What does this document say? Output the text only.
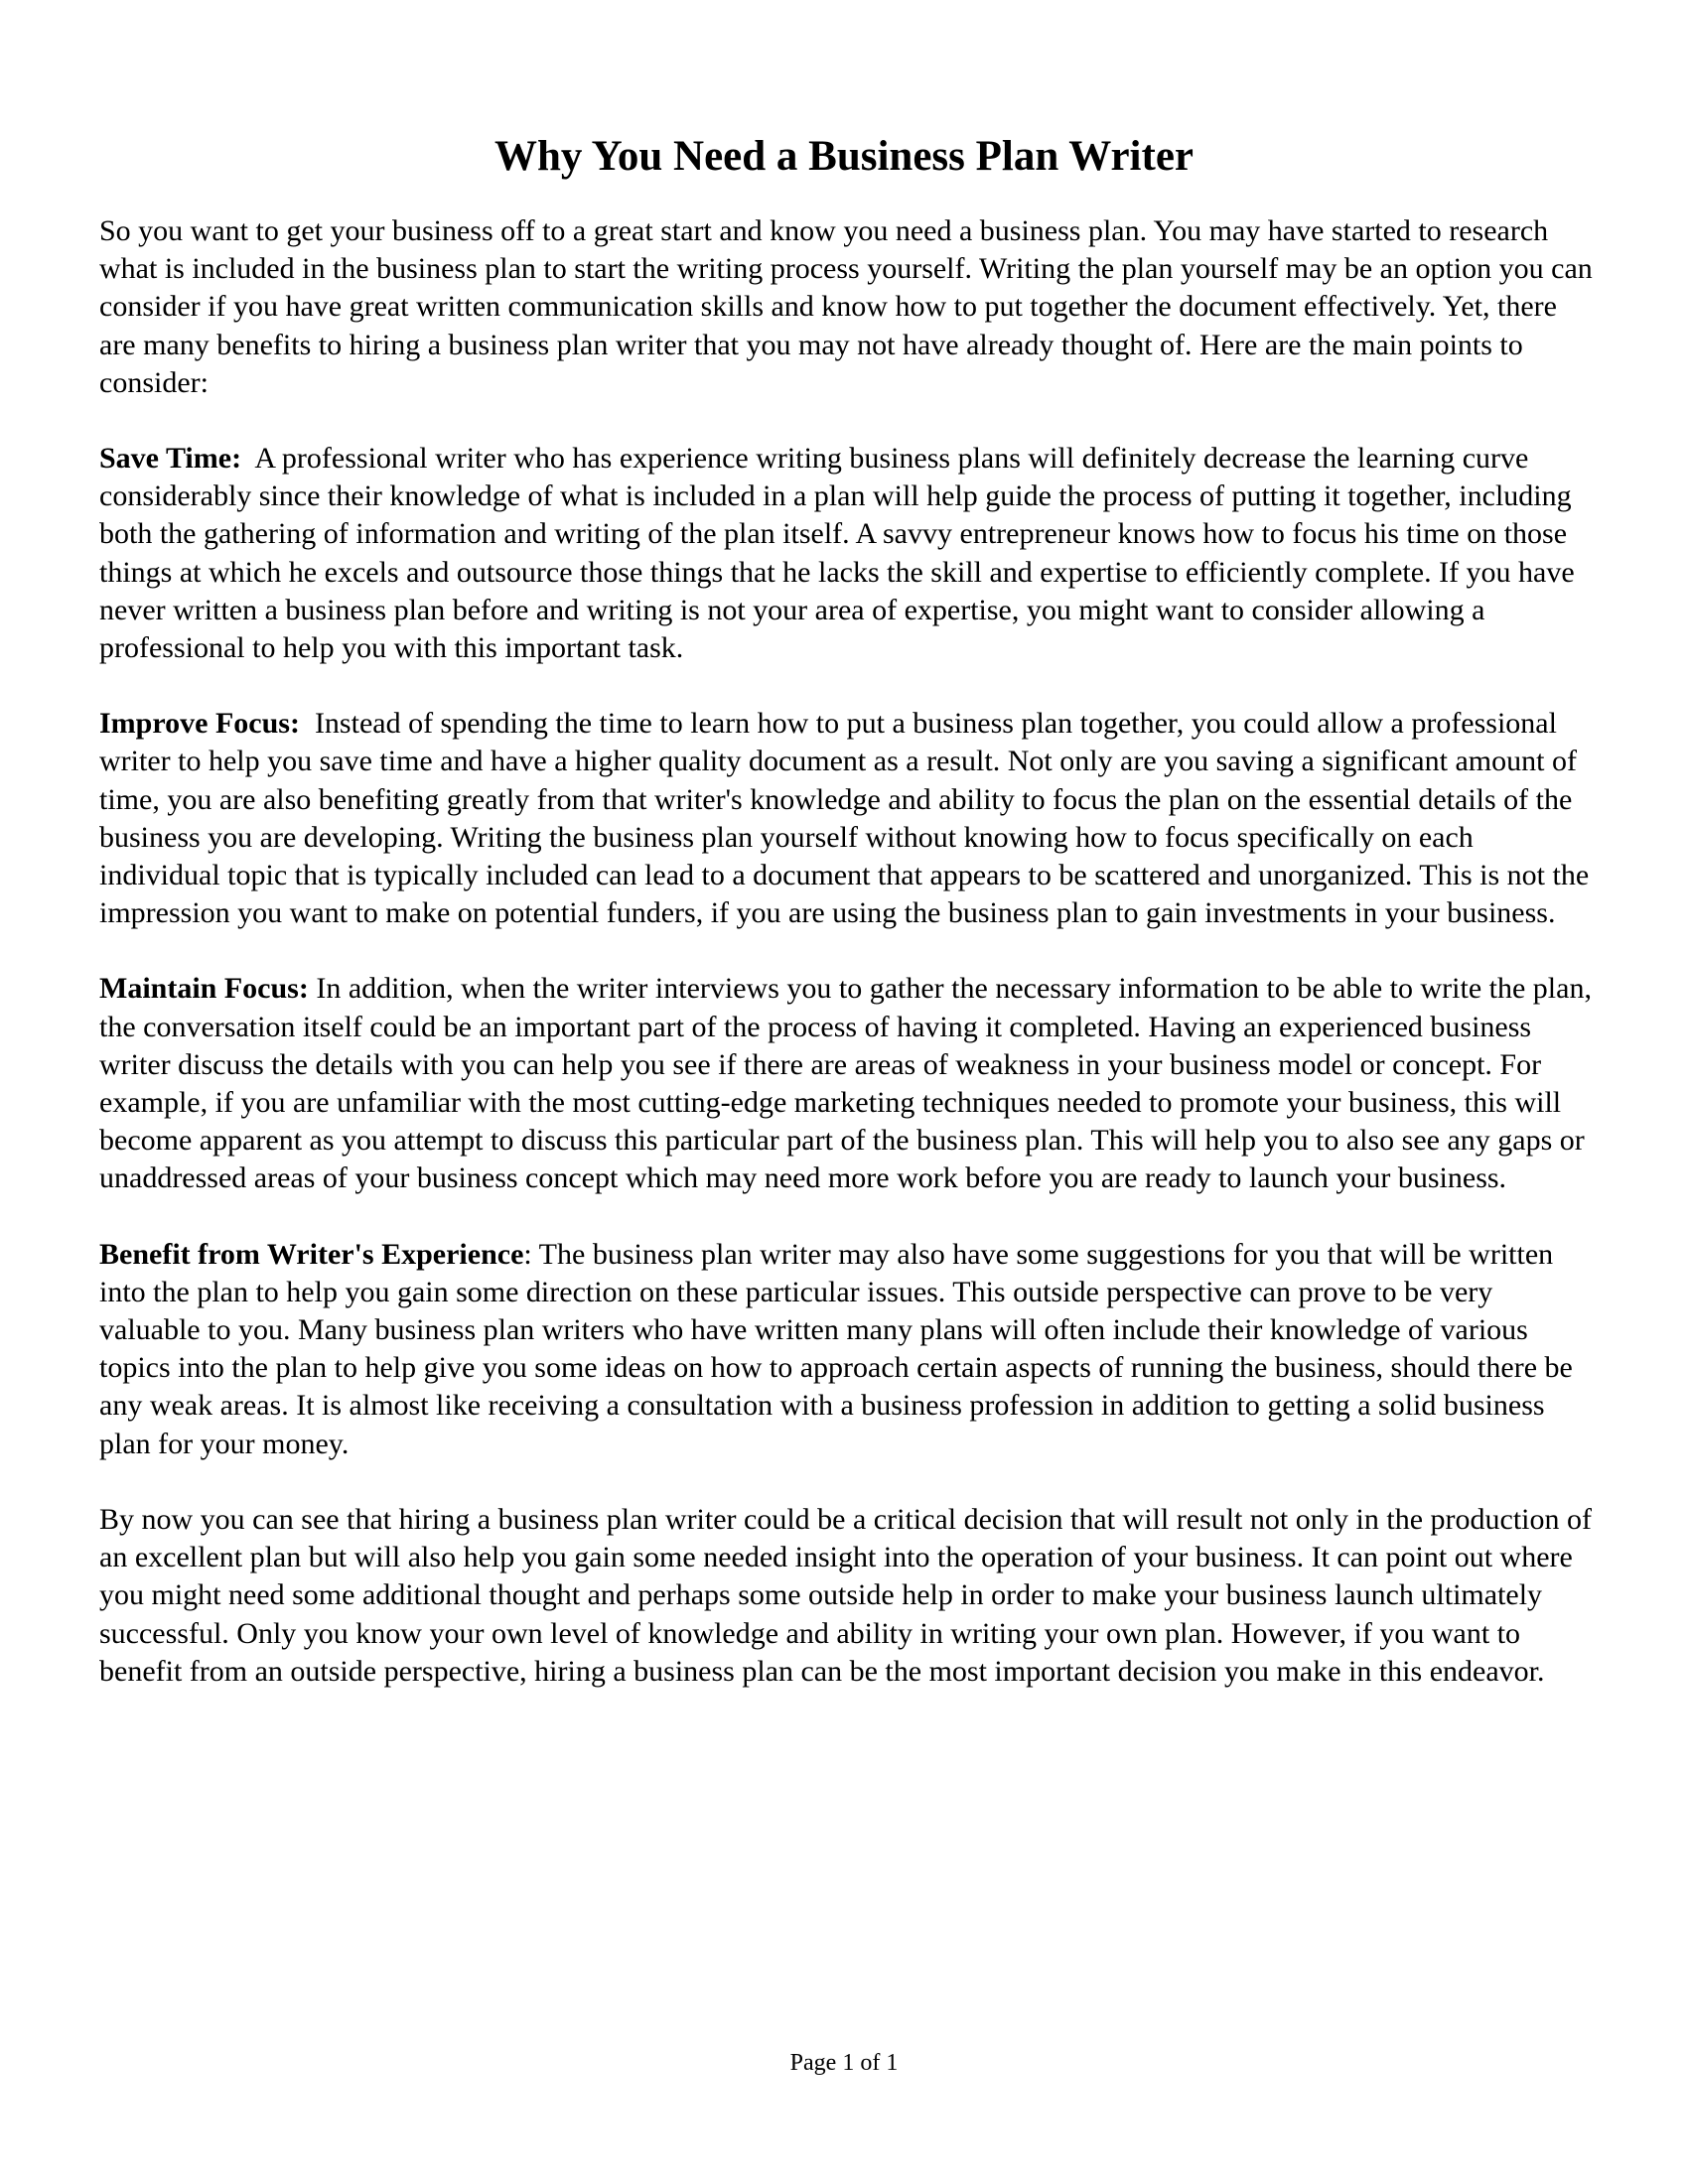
Why You Need a Business Plan Writer

So you want to get your business off to a great start and know you need a business plan. You may have started to research what is included in the business plan to start the writing process yourself. Writing the plan yourself may be an option you can consider if you have great written communication skills and know how to put together the document effectively. Yet, there are many benefits to hiring a business plan writer that you may not have already thought of. Here are the main points to consider:

Save Time: A professional writer who has experience writing business plans will definitely decrease the learning curve considerably since their knowledge of what is included in a plan will help guide the process of putting it together, including both the gathering of information and writing of the plan itself. A savvy entrepreneur knows how to focus his time on those things at which he excels and outsource those things that he lacks the skill and expertise to efficiently complete. If you have never written a business plan before and writing is not your area of expertise, you might want to consider allowing a professional to help you with this important task.

Improve Focus: Instead of spending the time to learn how to put a business plan together, you could allow a professional writer to help you save time and have a higher quality document as a result. Not only are you saving a significant amount of time, you are also benefiting greatly from that writer's knowledge and ability to focus the plan on the essential details of the business you are developing. Writing the business plan yourself without knowing how to focus specifically on each individual topic that is typically included can lead to a document that appears to be scattered and unorganized. This is not the impression you want to make on potential funders, if you are using the business plan to gain investments in your business.

Maintain Focus: In addition, when the writer interviews you to gather the necessary information to be able to write the plan, the conversation itself could be an important part of the process of having it completed. Having an experienced business writer discuss the details with you can help you see if there are areas of weakness in your business model or concept. For example, if you are unfamiliar with the most cutting-edge marketing techniques needed to promote your business, this will become apparent as you attempt to discuss this particular part of the business plan. This will help you to also see any gaps or unaddressed areas of your business concept which may need more work before you are ready to launch your business.

Benefit from Writer's Experience: The business plan writer may also have some suggestions for you that will be written into the plan to help you gain some direction on these particular issues. This outside perspective can prove to be very valuable to you. Many business plan writers who have written many plans will often include their knowledge of various topics into the plan to help give you some ideas on how to approach certain aspects of running the business, should there be any weak areas. It is almost like receiving a consultation with a business profession in addition to getting a solid business plan for your money.

By now you can see that hiring a business plan writer could be a critical decision that will result not only in the production of an excellent plan but will also help you gain some needed insight into the operation of your business. It can point out where you might need some additional thought and perhaps some outside help in order to make your business launch ultimately successful. Only you know your own level of knowledge and ability in writing your own plan. However, if you want to benefit from an outside perspective, hiring a business plan can be the most important decision you make in this endeavor.

Page 1 of 1
